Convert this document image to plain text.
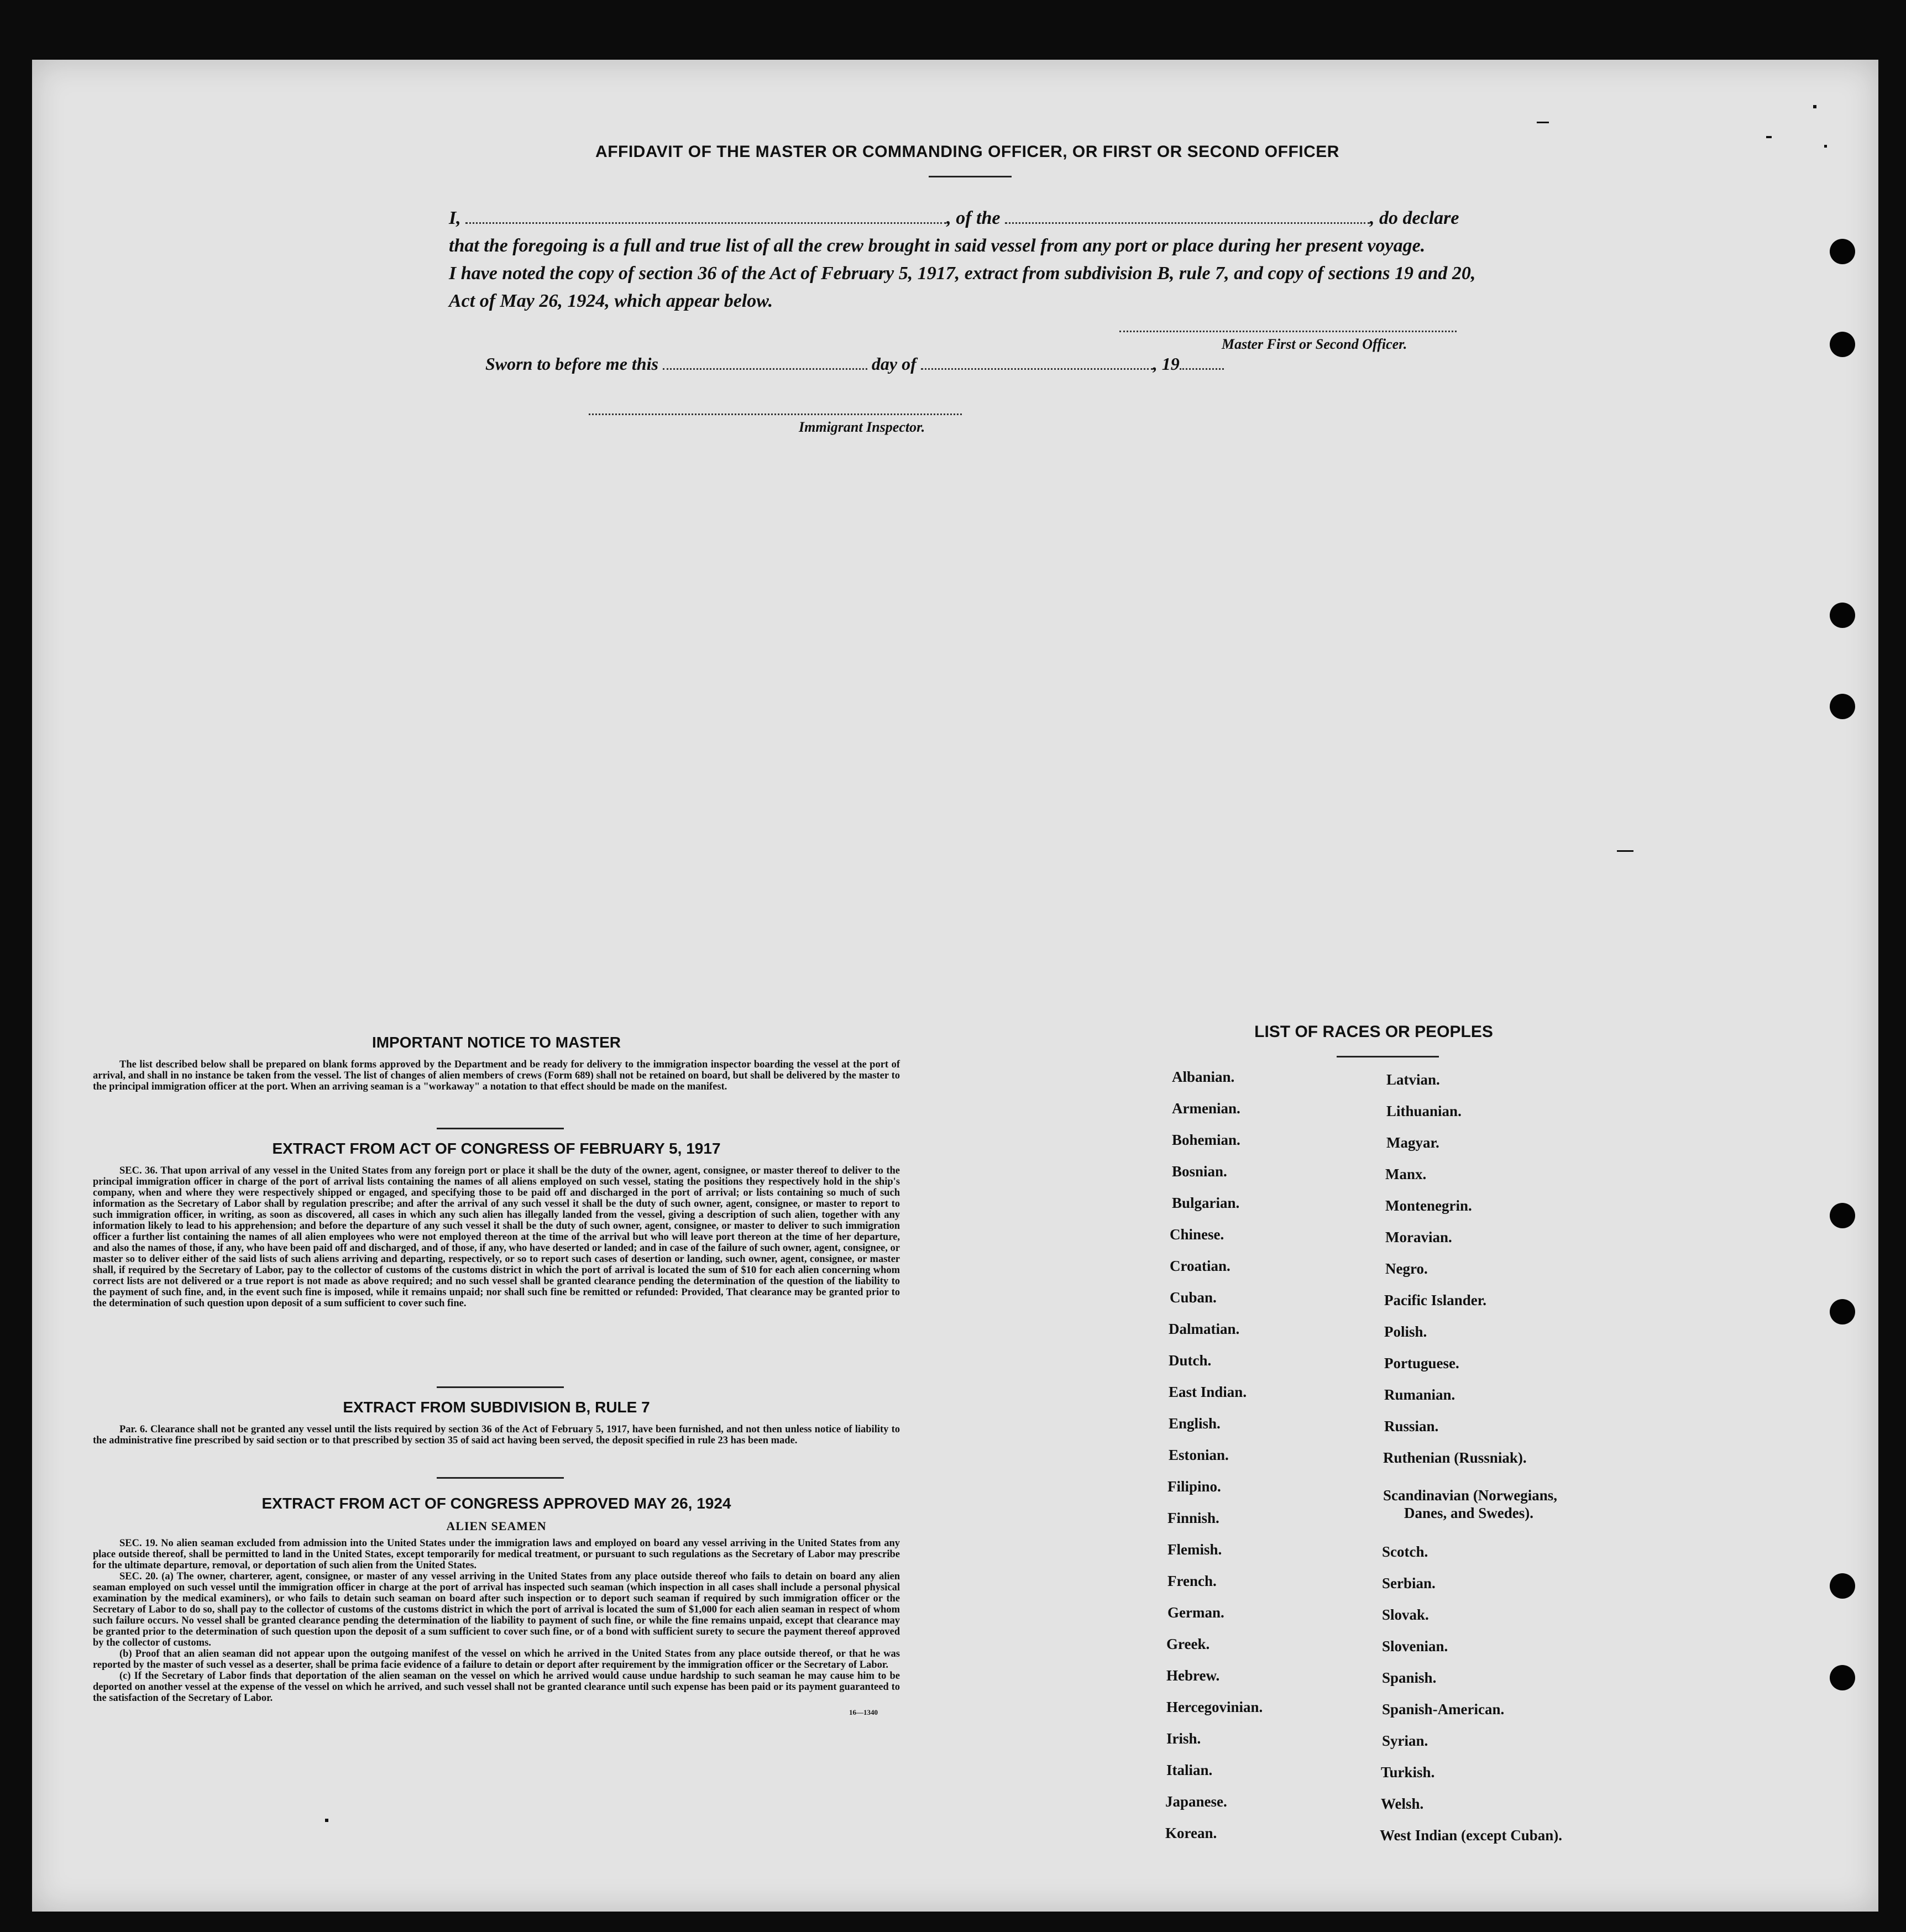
AFFIDAVIT OF THE MASTER OR COMMANDING OFFICER, OR FIRST OR SECOND OFFICER
I,	, of the	, do declare
that the foregoing is a full and true list of all the crew brought in said vessel from any port or place during her present voyage.
I have noted the copy of section 36 of the Act of February 5, 1917, extract from subdivision B, rule 7, and copy of sections 19 and 20,
Act of May 26, 1924, which appear below.
Master First or Second Officer.
Sworn to before me this	day of	, 19
Immigrant Inspector.
IMPORTANT NOTICE TO MASTER

The list described below shall be prepared on blank forms approved by the Department and be ready for delivery to the immigration inspector boarding the vessel at the port of arrival, and shall in no instance be taken from the vessel. The list of changes of alien members of crews (Form 689) shall not be retained on board, but shall be delivered by the master to the principal immigration officer at the port. When an arriving seaman is a "workaway" a notation to that effect should be made on the manifest.

EXTRACT FROM ACT OF CONGRESS OF FEBRUARY 5, 1917

SEC. 36. That upon arrival of any vessel in the United States from any foreign port or place it shall be the duty of the owner, agent, consignee, or master thereof to deliver to the principal immigration officer in charge of the port of arrival lists containing the names of all aliens employed on such vessel, stating the positions they respectively hold in the ship's company, when and where they were respectively shipped or engaged, and specifying those to be paid off and discharged in the port of arrival; or lists containing so much of such information as the Secretary of Labor shall by regulation prescribe; and after the arrival of any such vessel it shall be the duty of such owner, agent, consignee, or master to report to such immigration officer, in writing, as soon as discovered, all cases in which any such alien has illegally landed from the vessel, giving a description of such alien, together with any information likely to lead to his apprehension; and before the departure of any such vessel it shall be the duty of such owner, agent, consignee, or master to deliver to such immigration officer a further list containing the names of all alien employees who were not employed thereon at the time of the arrival but who will leave port thereon at the time of her departure, and also the names of those, if any, who have been paid off and discharged, and of those, if any, who have deserted or landed; and in case of the failure of such owner, agent, consignee, or master so to deliver either of the said lists of such aliens arriving and departing, respectively, or so to report such cases of desertion or landing, such owner, agent, consignee, or master shall, if required by the Secretary of Labor, pay to the collector of customs of the customs district in which the port of arrival is located the sum of $10 for each alien concerning whom correct lists are not delivered or a true report is not made as above required; and no such vessel shall be granted clearance pending the determination of the question of the liability to the payment of such fine, and, in the event such fine is imposed, while it remains unpaid; nor shall such fine be remitted or refunded: Provided, That clearance may be granted prior to the determination of such question upon deposit of a sum sufficient to cover such fine.

EXTRACT FROM SUBDIVISION B, RULE 7

Par. 6. Clearance shall not be granted any vessel until the lists required by section 36 of the Act of February 5, 1917, have been furnished, and not then unless notice of liability to the administrative fine prescribed by said section or to that prescribed by section 35 of said act having been served, the deposit specified in rule 23 has been made.

EXTRACT FROM ACT OF CONGRESS APPROVED MAY 26, 1924
ALIEN SEAMEN

SEC. 19. No alien seaman excluded from admission into the United States under the immigration laws and employed on board any vessel arriving in the United States from any place outside thereof, shall be permitted to land in the United States, except temporarily for medical treatment, or pursuant to such regulations as the Secretary of Labor may prescribe for the ultimate departure, removal, or deportation of such alien from the United States.

SEC. 20. (a) The owner, charterer, agent, consignee, or master of any vessel arriving in the United States from any place outside thereof who fails to detain on board any alien seaman employed on such vessel until the immigration officer in charge at the port of arrival has inspected such seaman (which inspection in all cases shall include a personal physical examination by the medical examiners), or who fails to detain such seaman on board after such inspection or to deport such seaman if required by such immigration officer or the Secretary of Labor to do so, shall pay to the collector of customs of the customs district in which the port of arrival is located the sum of $1,000 for each alien seaman in respect of whom such failure occurs. No vessel shall be granted clearance pending the determination of the liability to payment of such fine, or while the fine remains unpaid, except that clearance may be granted prior to the determination of such question upon the deposit of a sum sufficient to cover such fine, or of a bond with sufficient surety to secure the payment thereof approved by the collector of customs.

(b) Proof that an alien seaman did not appear upon the outgoing manifest of the vessel on which he arrived in the United States from any place outside thereof, or that he was reported by the master of such vessel as a deserter, shall be prima facie evidence of a failure to detain or deport after requirement by the immigration officer or the Secretary of Labor.

(c) If the Secretary of Labor finds that deportation of the alien seaman on the vessel on which he arrived would cause undue hardship to such seaman he may cause him to be deported on another vessel at the expense of the vessel on which he arrived, and such vessel shall not be granted clearance until such expense has been paid or its payment guaranteed to the satisfaction of the Secretary of Labor.

16—1340
LIST OF RACES OR PEOPLES
Albanian.
Armenian.
Bohemian.
Bosnian.
Bulgarian.
Chinese.
Croatian.
Cuban.
Dalmatian.
Dutch.
East Indian.
English.
Estonian.
Filipino.
Finnish.
Flemish.
French.
German.
Greek.
Hebrew.
Hercegovinian.
Irish.
Italian.
Japanese.
Korean.
Latvian.
Lithuanian.
Magyar.
Manx.
Montenegrin.
Moravian.
Negro.
Pacific Islander.
Polish.
Portuguese.
Rumanian.
Russian.
Ruthenian (Russniak).
Scandinavian (Norwegians,
Danes, and Swedes).
Scotch.
Serbian.
Slovak.
Slovenian.
Spanish.
Spanish-American.
Syrian.
Turkish.
Welsh.
West Indian (except Cuban).
